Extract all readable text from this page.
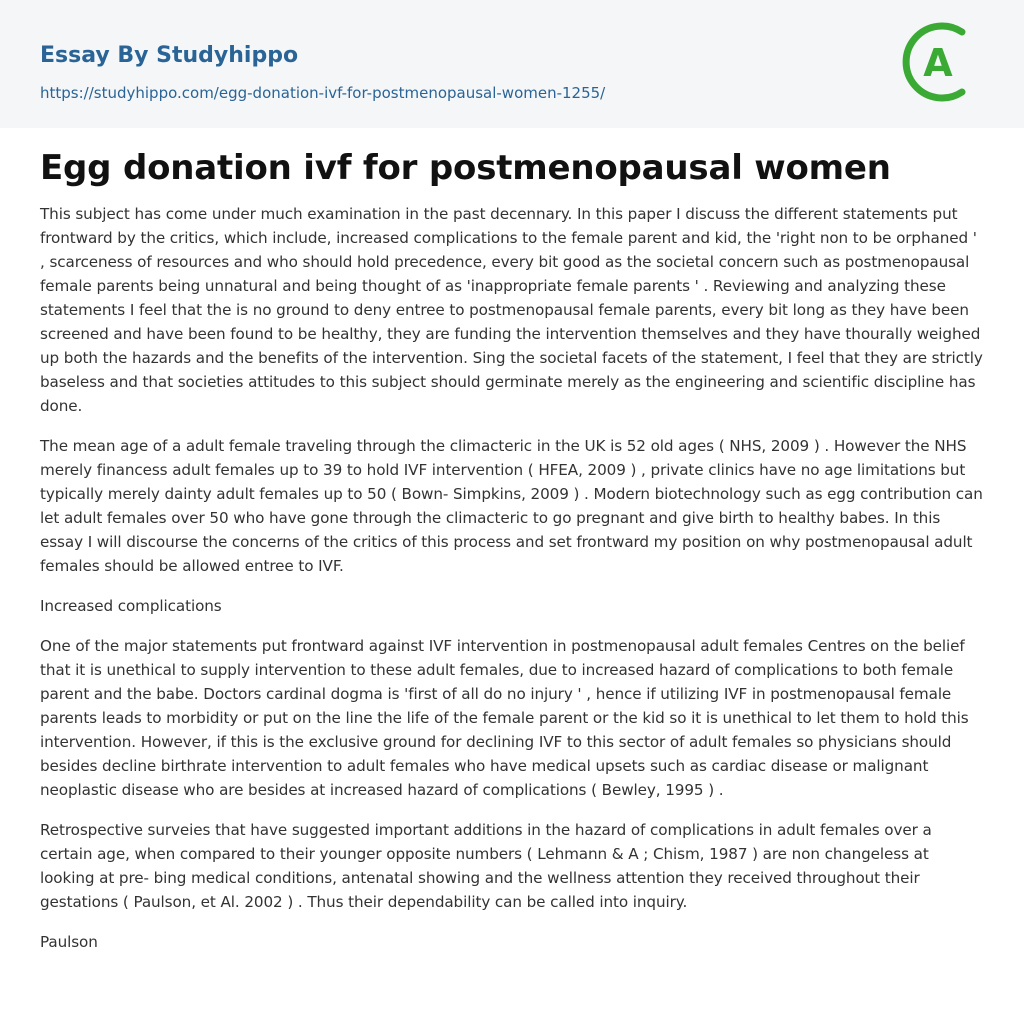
Essay By Studyhippo
https://studyhippo.com/egg-donation-ivf-for-postmenopausal-women-1255/
A
Egg donation ivf for postmenopausal women

This subject has come under much examination in the past decennary. In this paper I discuss the different statements put frontward by the critics, which include, increased complications to the female parent and kid, the 'right non to be orphaned ' , scarceness of resources and who should hold precedence, every bit good as the societal concern such as postmenopausal female parents being unnatural and being thought of as 'inappropriate female parents ' . Reviewing and analyzing these statements I feel that the is no ground to deny entree to postmenopausal female parents, every bit long as they have been screened and have been found to be healthy, they are funding the intervention themselves and they have thourally weighed up both the hazards and the benefits of the intervention. Sing the societal facets of the statement, I feel that they are strictly baseless and that societies attitudes to this subject should germinate merely as the engineering and scientific discipline has done.

The mean age of a adult female traveling through the climacteric in the UK is 52 old ages ( NHS, 2009 ) . However the NHS merely financess adult females up to 39 to hold IVF intervention ( HFEA, 2009 ) , private clinics have no age limitations but typically merely dainty adult females up to 50 ( Bown- Simpkins, 2009 ) . Modern biotechnology such as egg contribution can let adult females over 50 who have gone through the climacteric to go pregnant and give birth to healthy babes. In this essay I will discourse the concerns of the critics of this process and set frontward my position on why postmenopausal adult females should be allowed entree to IVF.

Increased complications

One of the major statements put frontward against IVF intervention in postmenopausal adult females Centres on the belief that it is unethical to supply intervention to these adult females, due to increased hazard of complications to both female parent and the babe. Doctors cardinal dogma is 'first of all do no injury ' , hence if utilizing IVF in postmenopausal female parents leads to morbidity or put on the line the life of the female parent or the kid so it is unethical to let them to hold this intervention. However, if this is the exclusive ground for declining IVF to this sector of adult females so physicians should besides decline birthrate intervention to adult females who have medical upsets such as cardiac disease or malignant neoplastic disease who are besides at increased hazard of complications ( Bewley, 1995 ) .

Retrospective surveies that have suggested important additions in the hazard of complications in adult females over a certain age, when compared to their younger opposite numbers ( Lehmann & A ; Chism, 1987 ) are non changeless at looking at pre- bing medical conditions, antenatal showing and the wellness attention they received throughout their gestations ( Paulson, et Al. 2002 ) . Thus their dependability can be called into inquiry.

Paulson
